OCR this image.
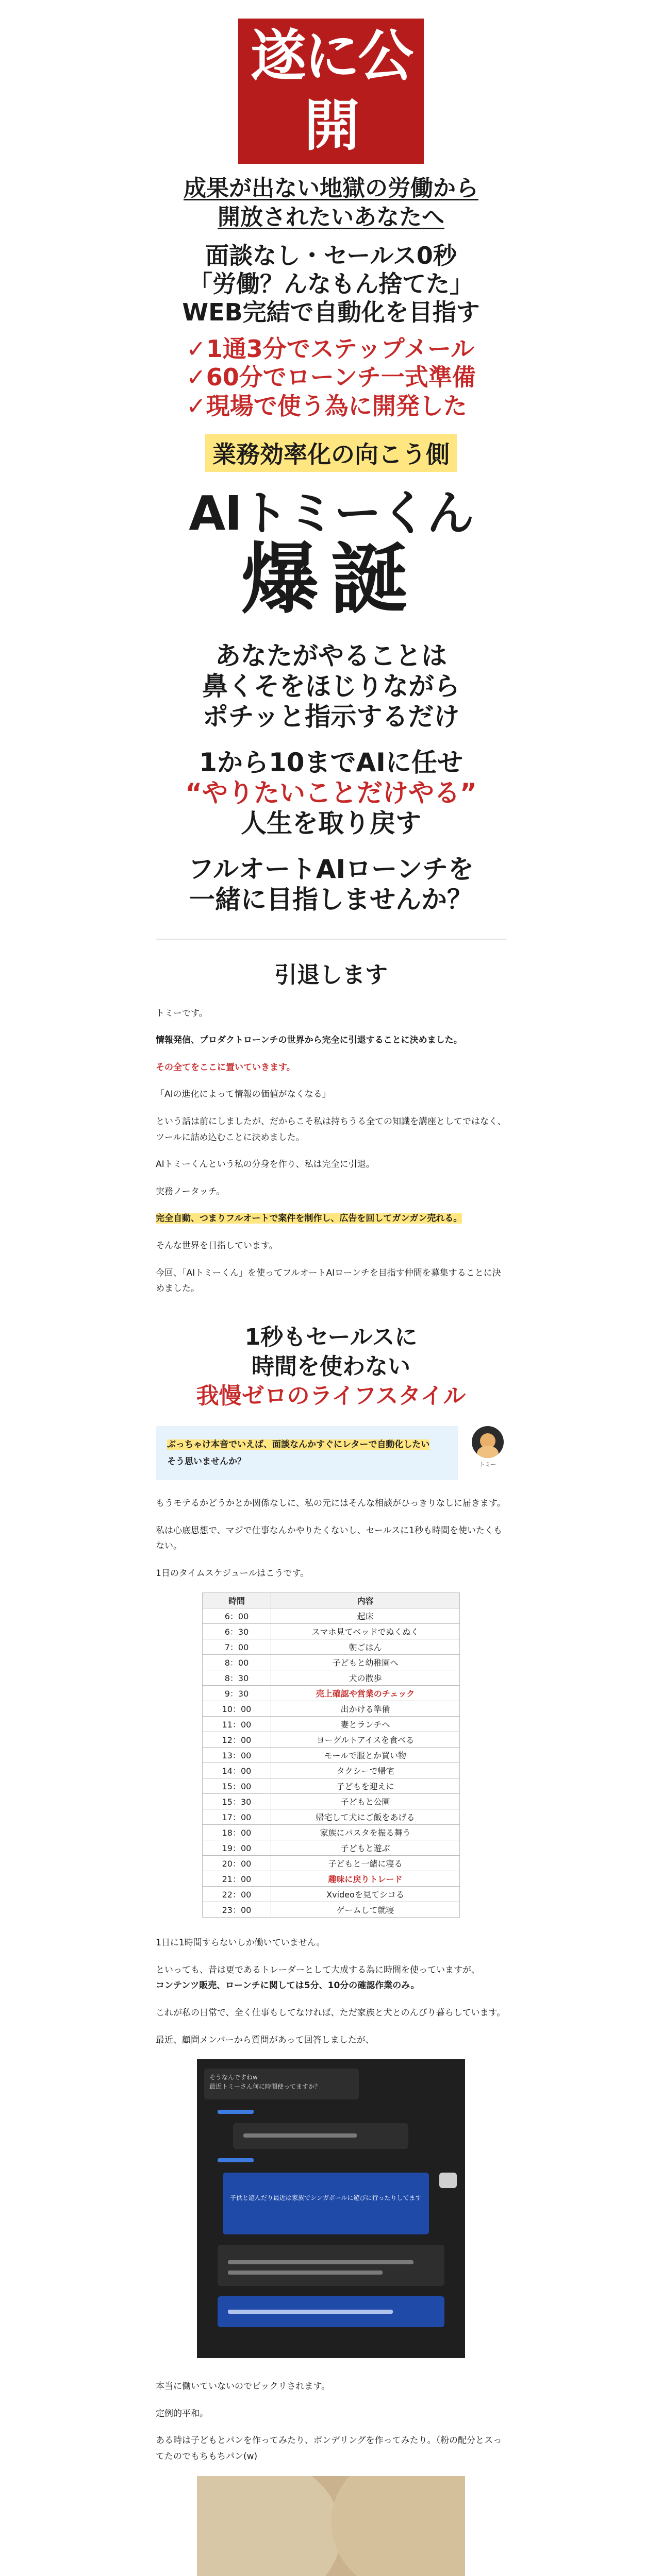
遂に公開

成果が出ない地獄の労働から

開放されたいあなたへ

面談なし・セールス0秒

「労働？んなもん捨てた」

WEB完結で自動化を目指す

✓1通3分でステップメール

✓60分でローンチ一式準備

✓現場で使う為に開発した

業務効率化の向こう側

AIトミーくん

爆誕

あなたがやることは

鼻くそをほじりながら

ポチッと指示するだけ

1から10までAIに任せ

“やりたいことだけやる”

人生を取り戻す

フルオートAIローンチを

一緒に目指しませんか？

引退します

トミーです。

情報発信、プロダクトローンチの世界から完全に引退することに決めました。

その全てをここに置いていきます。

「AIの進化によって情報の価値がなくなる」

という話は前にしましたが、だからこそ私は持ちうる全ての知識を講座としてではなく、ツールに詰め込むことに決めました。

AIトミーくんという私の分身を作り、私は完全に引退。

実務ノータッチ。

完全自動、つまりフルオートで案件を制作し、広告を回してガンガン売れる。

そんな世界を目指しています。

今回、「AIトミーくん」を使ってフルオートAIローンチを目指す仲間を募集することに決めました。

1秒もセールスに
時間を使わない
我慢ゼロのライフスタイル
ぶっちゃけ本音でいえば、面談なんかすぐにレターで自動化したい
そう思いませんか？	トミー

もうモテるかどうかとか関係なしに、私の元にはそんな相談がひっきりなしに届きます。

私は心底思想で、マジで仕事なんかやりたくないし、セールスに1秒も時間を使いたくもない。

1日のタイムスケジュールはこうです。

時間	内容
6：00	起床
6：30	スマホ見てベッドでぬくぬく
7：00	朝ごはん
8：00	子どもと幼稚園へ
8：30	犬の散歩
9：30	売上確認や営業のチェック
10：00	出かける準備
11：00	妻とランチへ
12：00	ヨーグルトアイスを食べる
13：00	モールで服とか買い物
14：00	タクシーで帰宅
15：00	子どもを迎えに
15：30	子どもと公園
17：00	帰宅して犬にご飯をあげる
18：00	家族にパスタを振る舞う
19：00	子どもと遊ぶ
20：00	子どもと一緒に寝る
21：00	趣味に戻りトレード
22：00	Xvideoを見てシコる
23：00	ゲームして就寝

1日に1時間すらないしか働いていません。

といっても、昔は更であるトレーダーとして大成する為に時間を使っていますが、
コンテンツ販売、ローンチに関しては5分、10分の確認作業のみ。

これが私の日常で、全く仕事もしてなければ、ただ家族と犬とのんびり暮らしています。

最近、顧問メンバーから質問があって回答しましたが、

そうなんですねw
最近トミーさん何に時間使ってますか？
子供と遊んだり最近は家族でシンガポールに遊びに行ったりしてます

本当に働いていないのでビックリされます。

定例的平和。

ある時は子どもとパンを作ってみたり、ポンデリングを作ってみたり。（粉の配分とスってたのでもちもちパン(w)
